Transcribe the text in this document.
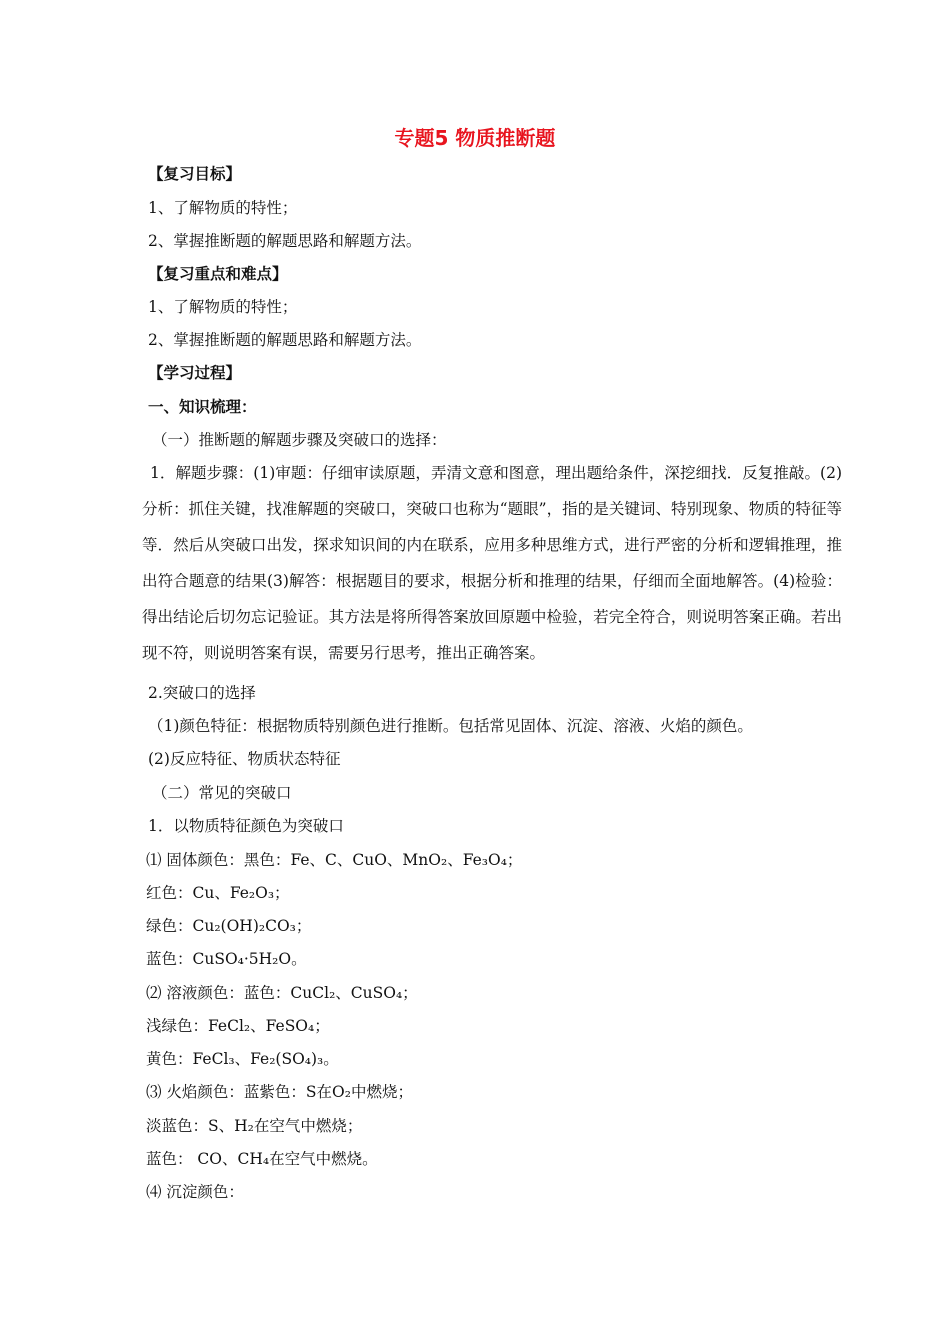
专题5 物质推断题
【复习目标】
1、了解物质的特性；
2、掌握推断题的解题思路和解题方法。
【复习重点和难点】
1、了解物质的特性；
2、掌握推断题的解题思路和解题方法。
【学习过程】
一、知识梳理：
（一）推断题的解题步骤及突破口的选择：
1．解题步骤：(1)审题：仔细审读原题，弄清文意和图意，理出题给条件，深挖细找．反复推敲。(2)分析：抓住关键，找准解题的突破口，突破口也称为“题眼”，指的是关键词、特别现象、物质的特征等等．然后从突破口出发，探求知识间的内在联系，应用多种思维方式，进行严密的分析和逻辑推理，推出符合题意的结果(3)解答：根据题目的要求，根据分析和推理的结果，仔细而全面地解答。(4)检验：得出结论后切勿忘记验证。其方法是将所得答案放回原题中检验，若完全符合，则说明答案正确。若出现不符，则说明答案有误，需要另行思考，推出正确答案。
2.突破口的选择
（1)颜色特征：根据物质特别颜色进行推断。包括常见固体、沉淀、溶液、火焰的颜色。
(2)反应特征、物质状态特征
（二）常见的突破口
1．以物质特征颜色为突破口
⑴ 固体颜色：黑色：Fe、C、CuO、MnO₂、Fe₃O₄；
红色：Cu、Fe₂O₃；
绿色：Cu₂(OH)₂CO₃；
蓝色：CuSO₄·5H₂O。
⑵ 溶液颜色：蓝色：CuCl₂、CuSO₄；
浅绿色：FeCl₂、FeSO₄；
黄色：FeCl₃、Fe₂(SO₄)₃。
⑶ 火焰颜色：蓝紫色：S在O₂中燃烧；
淡蓝色：S、H₂在空气中燃烧；
蓝色： CO、CH₄在空气中燃烧。
⑷ 沉淀颜色：
